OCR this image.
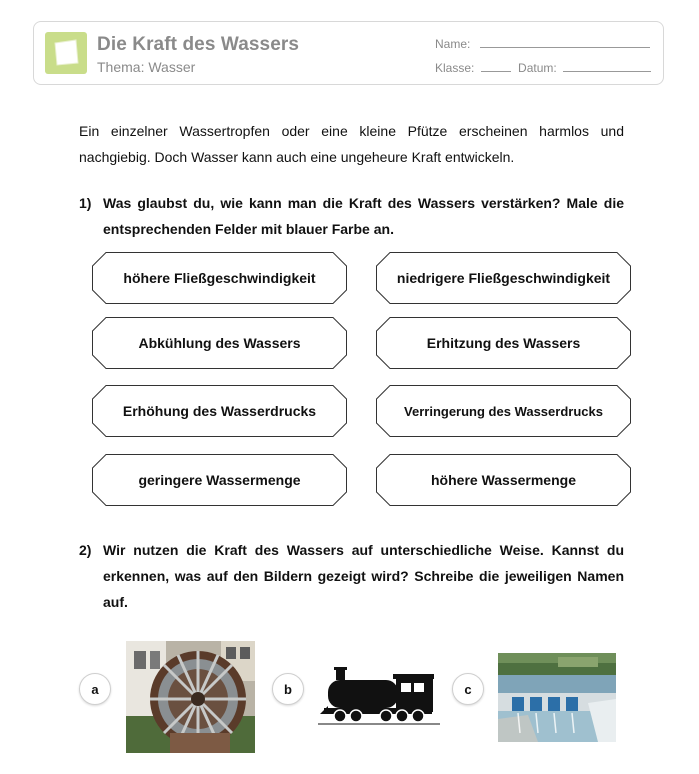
Die Kraft des Wassers
Thema: Wasser
Name:
Klasse:	Datum:
Ein einzelner Wassertropfen oder eine kleine Pfütze erscheinen harmlos und nachgiebig. Doch Wasser kann auch eine ungeheure Kraft entwickeln.
1) Was glaubst du, wie kann man die Kraft des Wassers verstärken? Male die entsprechenden Felder mit blauer Farbe an.
höhere Fließgeschwindigkeit	niedrigere Fließgeschwindigkeit
Abkühlung des Wassers	Erhitzung des Wassers
Erhöhung des Wasserdrucks	Verringerung des Wasserdrucks
geringere Wassermenge	höhere Wassermenge
2) Wir nutzen die Kraft des Wassers auf unterschiedliche Weise. Kannst du erkennen, was auf den Bildern gezeigt wird? Schreibe die jeweiligen Namen auf.
a	b	c
